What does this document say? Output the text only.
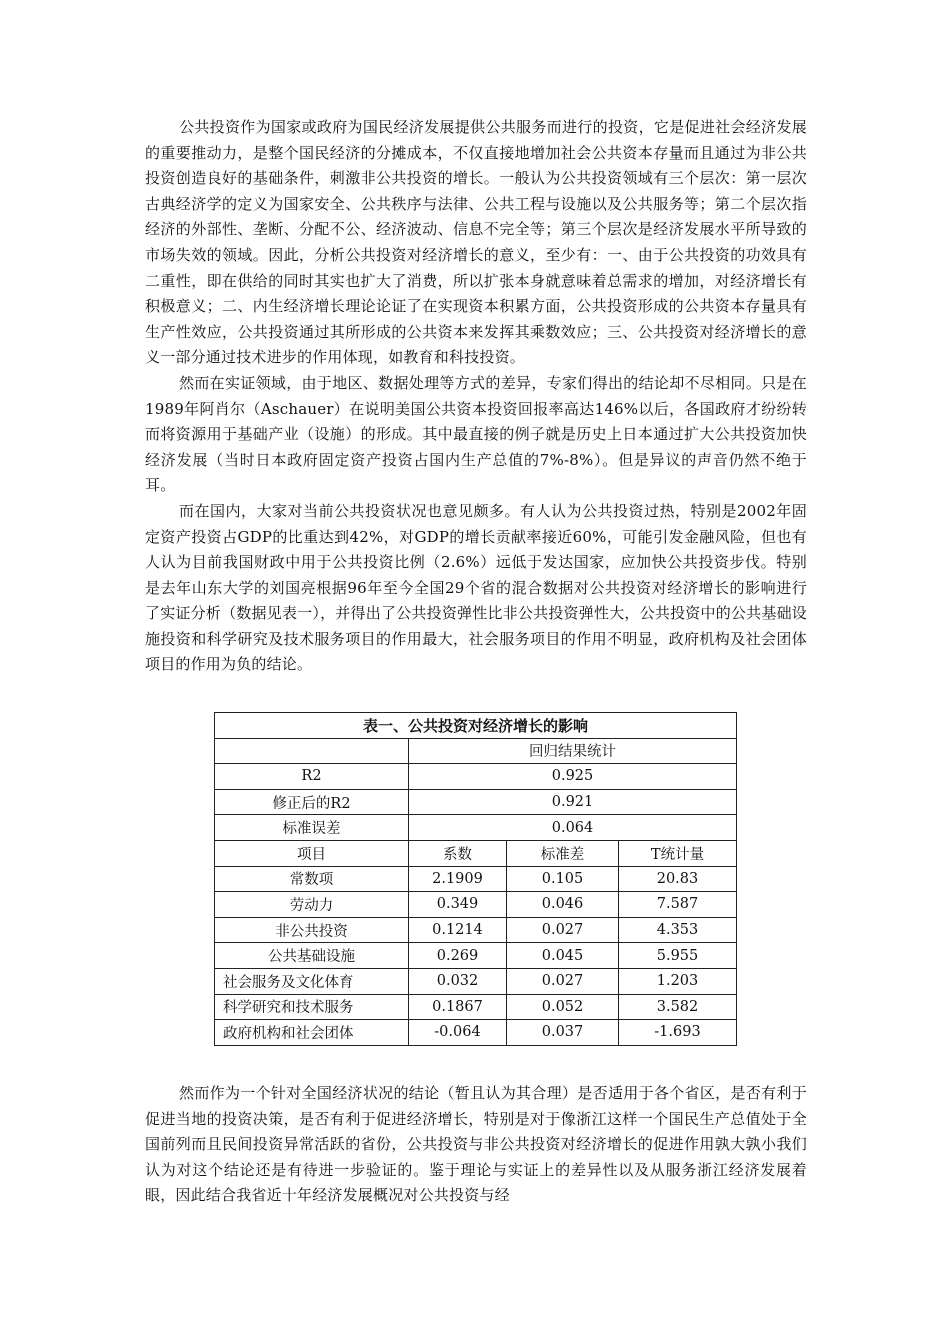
公共投资作为国家或政府为国民经济发展提供公共服务而进行的投资，它是促进社会经济发展的重要推动力，是整个国民经济的分摊成本，不仅直接地增加社会公共资本存量而且通过为非公共投资创造良好的基础条件，刺激非公共投资的增长。一般认为公共投资领域有三个层次：第一层次古典经济学的定义为国家安全、公共秩序与法律、公共工程与设施以及公共服务等；第二个层次指经济的外部性、垄断、分配不公、经济波动、信息不完全等；第三个层次是经济发展水平所导致的市场失效的领域。因此，分析公共投资对经济增长的意义，至少有：一、由于公共投资的功效具有二重性，即在供给的同时其实也扩大了消费，所以扩张本身就意味着总需求的增加，对经济增长有积极意义；二、内生经济增长理论论证了在实现资本积累方面，公共投资形成的公共资本存量具有生产性效应，公共投资通过其所形成的公共资本来发挥其乘数效应；三、公共投资对经济增长的意义一部分通过技术进步的作用体现，如教育和科技投资。

然而在实证领域，由于地区、数据处理等方式的差异，专家们得出的结论却不尽相同。只是在1989年阿肖尔（Aschauer）在说明美国公共资本投资回报率高达146%以后，各国政府才纷纷转而将资源用于基础产业（设施）的形成。其中最直接的例子就是历史上日本通过扩大公共投资加快经济发展（当时日本政府固定资产投资占国内生产总值的7%-8%）。但是异议的声音仍然不绝于耳。

而在国内，大家对当前公共投资状况也意见颇多。有人认为公共投资过热，特别是2002年固定资产投资占GDP的比重达到42%，对GDP的增长贡献率接近60%，可能引发金融风险，但也有人认为目前我国财政中用于公共投资比例（2.6%）远低于发达国家，应加快公共投资步伐。特别是去年山东大学的刘国亮根据96年至今全国29个省的混合数据对公共投资对经济增长的影响进行了实证分析（数据见表一），并得出了公共投资弹性比非公共投资弹性大，公共投资中的公共基础设施投资和科学研究及技术服务项目的作用最大，社会服务项目的作用不明显，政府机构及社会团体项目的作用为负的结论。

表一、公共投资对经济增长的影响			
	回归结果统计		
R2	0.925		
修正后的R2	0.921		
标准误差	0.064		
项目	系数	标准差	T统计量
常数项	2.1909	0.105	20.83
劳动力	0.349	0.046	7.587
非公共投资	0.1214	0.027	4.353
公共基础设施	0.269	0.045	5.955
社会服务及文化体育	0.032	0.027	1.203
科学研究和技术服务	0.1867	0.052	3.582
政府机构和社会团体	-0.064	0.037	-1.693

然而作为一个针对全国经济状况的结论（暂且认为其合理）是否适用于各个省区，是否有利于促进当地的投资决策，是否有利于促进经济增长，特别是对于像浙江这样一个国民生产总值处于全国前列而且民间投资异常活跃的省份，公共投资与非公共投资对经济增长的促进作用孰大孰小我们认为对这个结论还是有待进一步验证的。鉴于理论与实证上的差异性以及从服务浙江经济发展着眼，因此结合我省近十年经济发展概况对公共投资与经
